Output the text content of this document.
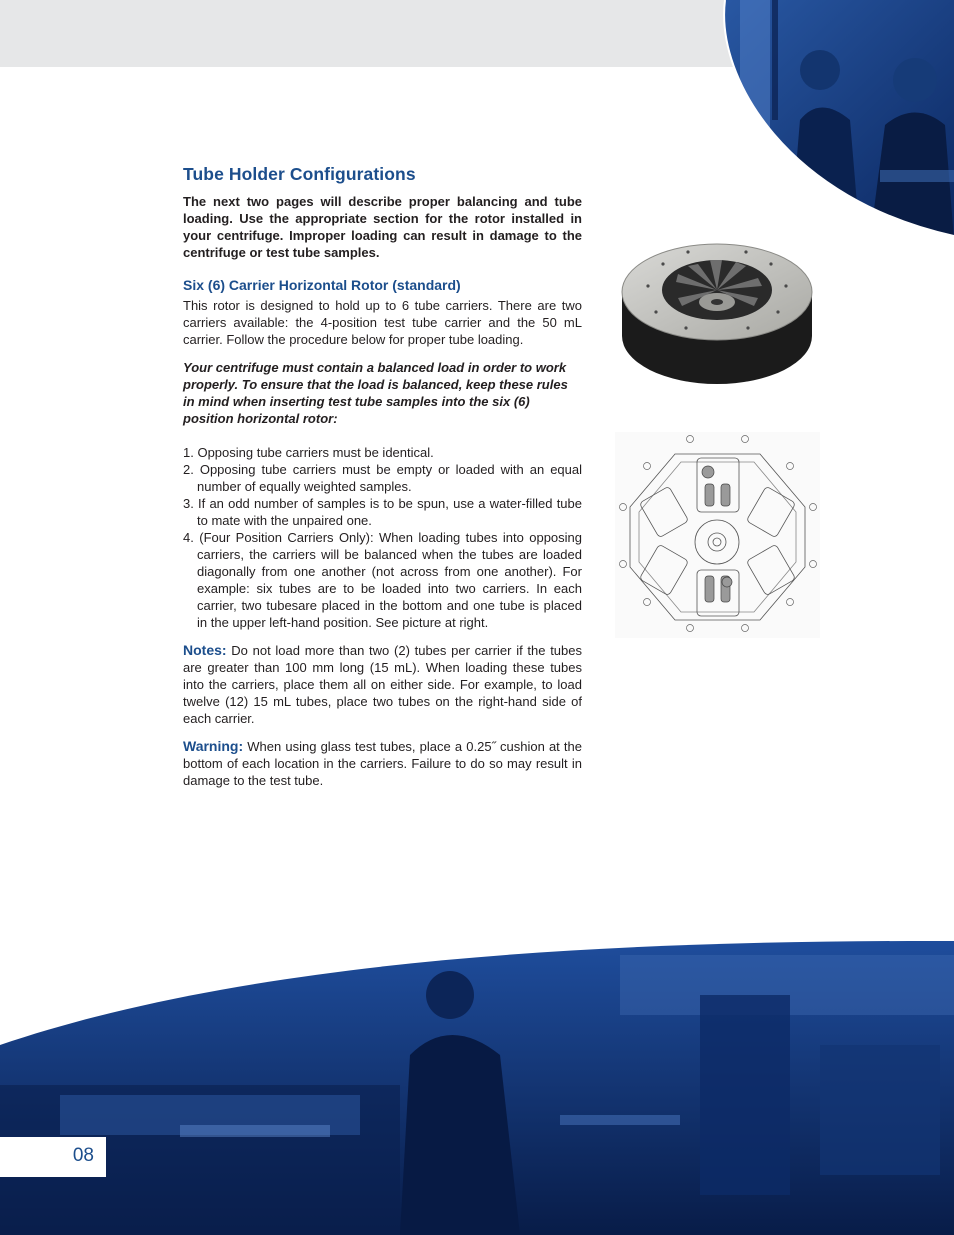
Tube Holder Configurations

The next two pages will describe proper balancing and tube loading. Use the appropriate section for the rotor installed in your centrifuge. Improper loading can result in damage to the centrifuge or test tube samples.

Six (6) Carrier Horizontal Rotor (standard)

This rotor is designed to hold up to 6 tube carriers. There are two carriers available: the 4-position test tube carrier and the 50 mL carrier. Follow the procedure below for proper tube loading.

Your centrifuge must contain a balanced load in order to work properly. To ensure that the load is balanced, keep these rules in mind when inserting test tube samples into the six (6) position horizontal rotor:

1. Opposing tube carriers must be identical.
2. Opposing tube carriers must be empty or loaded with an equal number of equally weighted samples.
3. If an odd number of samples is to be spun, use a water-filled tube to mate with the unpaired one.
4. (Four Position Carriers Only): When loading tubes into opposing carriers, the carriers will be balanced when the tubes are loaded diagonally from one another (not across from one another). For example: six tubes are to be loaded into two carriers. In each carrier, two tubesare placed in the bottom and one tube is placed in the upper left-hand position. See picture at right.

Notes: Do not load more than two (2) tubes per carrier if the tubes are greater than 100 mm long (15 mL). When loading these tubes into the carriers, place them all on either side. For example, to load twelve (12) 15 mL tubes, place two tubes on the right-hand side of each carrier.

Warning: When using glass test tubes, place a 0.25˝ cushion at the bottom of each location in the carriers. Failure to do so may result in damage to the test tube.

08
